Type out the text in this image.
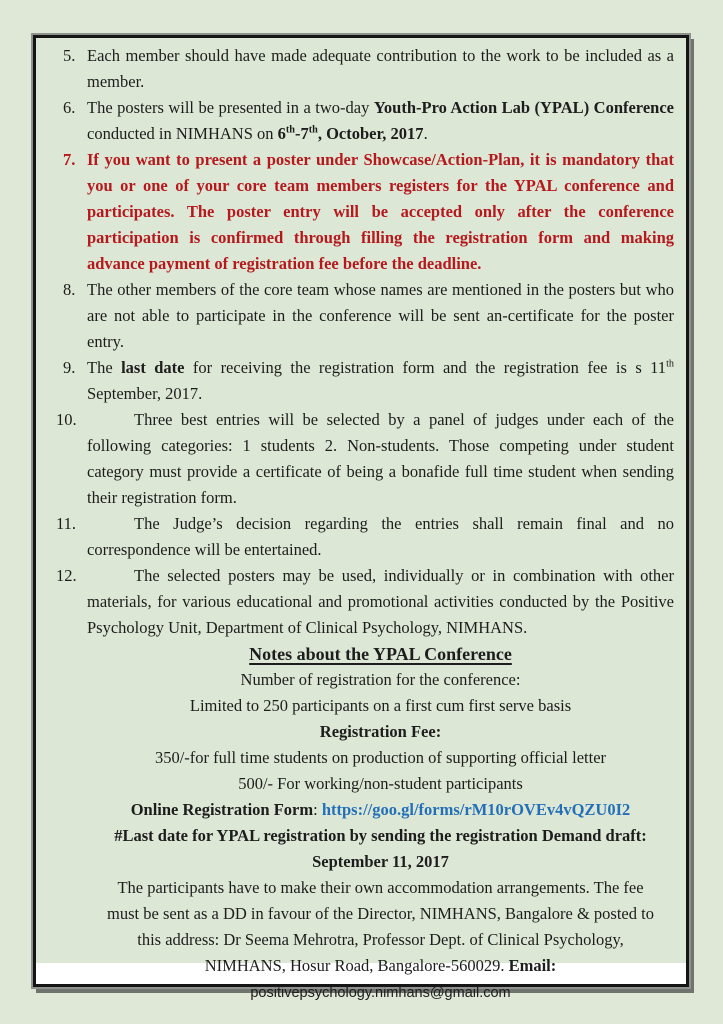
5. Each member should have made adequate contribution to the work to be included as a member.
6. The posters will be presented in a two-day Youth-Pro Action Lab (YPAL) Conference conducted in NIMHANS on 6th-7th, October, 2017.
7. If you want to present a poster under Showcase/Action-Plan, it is mandatory that you or one of your core team members registers for the YPAL conference and participates. The poster entry will be accepted only after the conference participation is confirmed through filling the registration form and making advance payment of registration fee before the deadline.
8. The other members of the core team whose names are mentioned in the posters but who are not able to participate in the conference will be sent an-certificate for the poster entry.
9. The last date for receiving the registration form and the registration fee is s 11th September, 2017.
10.	Three best entries will be selected by a panel of judges under each of the following categories: 1 students 2. Non-students. Those competing under student category must provide a certificate of being a bonafide full time student when sending their registration form.
11.	The Judge’s decision regarding the entries shall remain final and no correspondence will be entertained.
12.	The selected posters may be used, individually or in combination with other materials, for various educational and promotional activities conducted by the Positive Psychology Unit, Department of Clinical Psychology, NIMHANS.
Notes about the YPAL Conference
Number of registration for the conference:
Limited to 250 participants on a first cum first serve basis
Registration Fee:
350/-for full time students on production of supporting official letter
500/- For working/non-student participants
Online Registration Form: https://goo.gl/forms/rM10rOVEv4vQZU0I2
#Last date for YPAL registration by sending the registration Demand draft:
September 11, 2017
The participants have to make their own accommodation arrangements. The fee
must be sent as a DD in favour of the Director, NIMHANS, Bangalore & posted to
this address: Dr Seema Mehrotra, Professor Dept. of Clinical Psychology,
NIMHANS, Hosur Road, Bangalore-560029. Email: positivepsychology.nimhans@gmail.com
